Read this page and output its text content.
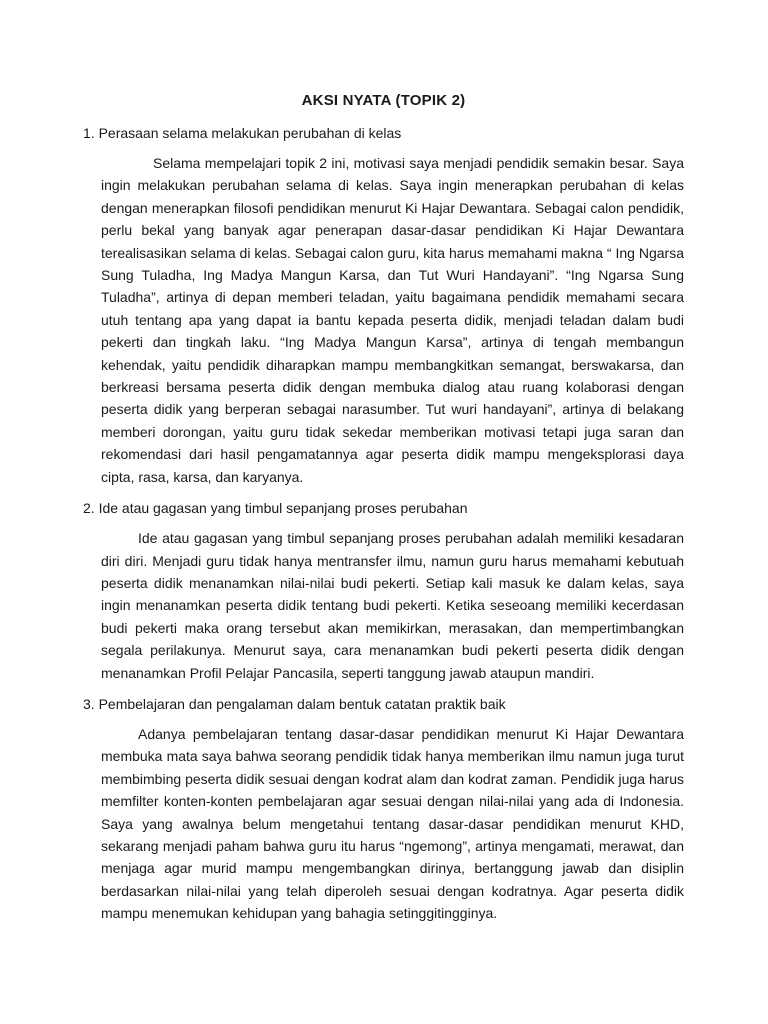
AKSI NYATA (TOPIK 2)
1. Perasaan selama melakukan perubahan di kelas

Selama mempelajari topik 2 ini, motivasi saya menjadi pendidik semakin besar. Saya ingin melakukan perubahan selama di kelas. Saya ingin menerapkan perubahan di kelas dengan menerapkan filosofi pendidikan menurut Ki Hajar Dewantara. Sebagai calon pendidik, perlu bekal yang banyak agar penerapan dasar-dasar pendidikan Ki Hajar Dewantara terealisasikan selama di kelas. Sebagai calon guru, kita harus memahami makna “ Ing Ngarsa Sung Tuladha, Ing Madya Mangun Karsa, dan Tut Wuri Handayani”. “Ing Ngarsa Sung Tuladha”, artinya di depan memberi teladan, yaitu bagaimana pendidik memahami secara utuh tentang apa yang dapat ia bantu kepada peserta didik, menjadi teladan dalam budi pekerti dan tingkah laku. “Ing Madya Mangun Karsa”, artinya di tengah membangun kehendak, yaitu pendidik diharapkan mampu membangkitkan semangat, berswakarsa, dan berkreasi bersama peserta didik dengan membuka dialog atau ruang kolaborasi dengan peserta didik yang berperan sebagai narasumber. Tut wuri handayani”, artinya di belakang memberi dorongan, yaitu guru tidak sekedar memberikan motivasi tetapi juga saran dan rekomendasi dari hasil pengamatannya agar peserta didik mampu mengeksplorasi daya cipta, rasa, karsa, dan karyanya.

2. Ide atau gagasan yang timbul sepanjang proses perubahan

Ide atau gagasan yang timbul sepanjang proses perubahan adalah memiliki kesadaran diri diri. Menjadi guru tidak hanya mentransfer ilmu, namun guru harus memahami kebutuah peserta didik menanamkan nilai-nilai budi pekerti. Setiap kali masuk ke dalam kelas, saya ingin menanamkan peserta didik tentang budi pekerti. Ketika seseoang memiliki kecerdasan budi pekerti maka orang tersebut akan memikirkan, merasakan, dan mempertimbangkan segala perilakunya. Menurut saya, cara menanamkan budi pekerti peserta didik dengan menanamkan Profil Pelajar Pancasila, seperti tanggung jawab ataupun mandiri.

3. Pembelajaran dan pengalaman dalam bentuk catatan praktik baik

Adanya pembelajaran tentang dasar-dasar pendidikan menurut Ki Hajar Dewantara membuka mata saya bahwa seorang pendidik tidak hanya memberikan ilmu namun juga turut membimbing peserta didik sesuai dengan kodrat alam dan kodrat zaman. Pendidik juga harus memfilter konten-konten pembelajaran agar sesuai dengan nilai-nilai yang ada di Indonesia. Saya yang awalnya belum mengetahui tentang dasar-dasar pendidikan menurut KHD, sekarang menjadi paham bahwa guru itu harus “ngemong”, artinya mengamati, merawat, dan menjaga agar murid mampu mengembangkan dirinya, bertanggung jawab dan disiplin berdasarkan nilai-nilai yang telah diperoleh sesuai dengan kodratnya. Agar peserta didik mampu menemukan kehidupan yang bahagia setinggitingginya.
